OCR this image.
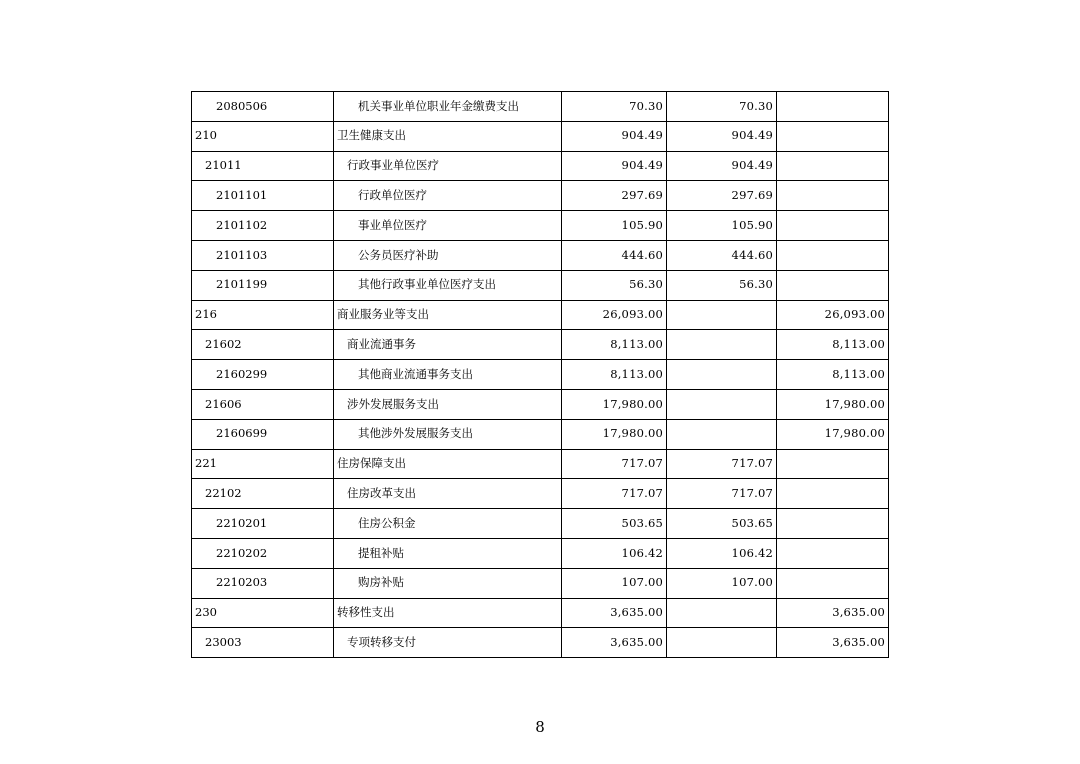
2080506	机关事业单位职业年金缴费支出	70.30	70.30	
210	卫生健康支出	904.49	904.49	
21011	行政事业单位医疗	904.49	904.49	
2101101	行政单位医疗	297.69	297.69	
2101102	事业单位医疗	105.90	105.90	
2101103	公务员医疗补助	444.60	444.60	
2101199	其他行政事业单位医疗支出	56.30	56.30	
216	商业服务业等支出	26,093.00		26,093.00
21602	商业流通事务	8,113.00		8,113.00
2160299	其他商业流通事务支出	8,113.00		8,113.00
21606	涉外发展服务支出	17,980.00		17,980.00
2160699	其他涉外发展服务支出	17,980.00		17,980.00
221	住房保障支出	717.07	717.07	
22102	住房改革支出	717.07	717.07	
2210201	住房公积金	503.65	503.65	
2210202	提租补贴	106.42	106.42	
2210203	购房补贴	107.00	107.00	
230	转移性支出	3,635.00		3,635.00
23003	专项转移支付	3,635.00		3,635.00
8
